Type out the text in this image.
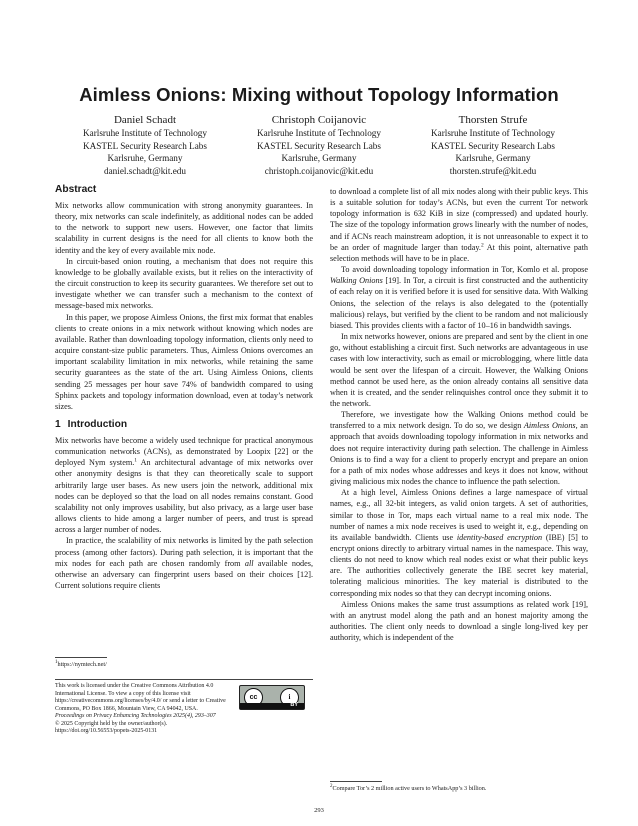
Aimless Onions: Mixing without Topology Information
Daniel Schadt
Karlsruhe Institute of Technology
KASTEL Security Research Labs
Karlsruhe, Germany
daniel.schadt@kit.edu
Christoph Coijanovic
Karlsruhe Institute of Technology
KASTEL Security Research Labs
Karlsruhe, Germany
christoph.coijanovic@kit.edu
Thorsten Strufe
Karlsruhe Institute of Technology
KASTEL Security Research Labs
Karlsruhe, Germany
thorsten.strufe@kit.edu
Abstract

Mix networks allow communication with strong anonymity guarantees. In theory, mix networks can scale indefinitely, as additional nodes can be added to the network to support new users. However, one factor that limits scalability in current designs is the need for all clients to know both the identity and the key of every available mix node.

In circuit-based onion routing, a mechanism that does not require this knowledge to be globally available exists, but it relies on the interactivity of the circuit construction to keep its security guarantees. We therefore set out to investigate whether we can transfer such a mechanism to the context of message-based mix networks.

In this paper, we propose Aimless Onions, the first mix format that enables clients to create onions in a mix network without knowing which nodes are available. Rather than downloading topology information, clients only need to acquire constant-size public parameters. Thus, Aimless Onions overcomes an important scalability limitation in mix networks, while retaining the same security guarantees as the state of the art. Using Aimless Onions, clients sending 25 messages per hour save 74% of bandwidth compared to using Sphinx packets and topology information download, even at today’s network sizes.

1 Introduction

Mix networks have become a widely used technique for practical anonymous communication networks (ACNs), as demonstrated by Loopix [22] or the deployed Nym system.$^1$ An architectural advantage of mix networks over other anonymity designs is that they can theoretically scale to support arbitrarily large user bases. As new users join the network, additional mix nodes can be deployed so that the load on all nodes remains constant. Good scalability not only improves usability, but also privacy, as a large user base allows clients to hide among a larger number of peers, and trust is spread across a larger number of nodes.

In practice, the scalability of mix networks is limited by the path selection process (among other factors). During path selection, it is important that the mix nodes for each path are chosen randomly from all available nodes, otherwise an adversary can fingerprint users based on their choices [12]. Current solutions require clients

$^1$https://nymtech.net/
This work is licensed under the Creative Commons Attribution 4.0 International License. To view a copy of this license visit https://creativecommons.org/licenses/by/4.0/ or send a letter to Creative Commons, PO Box 1866, Mountain View, CA 94042, USA.
Proceedings on Privacy Enhancing Technologies 2025(4), 293–307
© 2025 Copyright held by the owner/author(s).
https://doi.org/10.56553/popets-2025-0131
cc	i
BY

to download a complete list of all mix nodes along with their public keys. This is a suitable solution for today’s ACNs, but even the current Tor network topology information is 632 KiB in size (compressed) and updated hourly. The size of the topology information grows linearly with the number of nodes, and if ACNs reach mainstream adoption, it is not unreasonable to expect it to be an order of magnitude larger than today.$^2$ At this point, alternative path selection methods will have to be in place.

To avoid downloading topology information in Tor, Komlo et al. propose Walking Onions [19]. In Tor, a circuit is first constructed and the authenticity of each relay on it is verified before it is used for sensitive data. With Walking Onions, the selection of the relays is also delegated to the (potentially malicious) relays, but verified by the client to be random and not maliciously biased. This provides clients with a factor of 10–16 in bandwidth savings.

In mix networks however, onions are prepared and sent by the client in one go, without establishing a circuit first. Such networks are advantageous in use cases with low interactivity, such as email or microblogging, where little data would be sent over the lifespan of a circuit. However, the Walking Onions method cannot be used here, as the onion already contains all sensitive data when it is created, and the sender relinquishes control once they submit it to the network.

Therefore, we investigate how the Walking Onions method could be transferred to a mix network design. To do so, we design Aimless Onions, an approach that avoids downloading topology information in mix networks and does not require interactivity during path selection. The challenge in Aimless Onions is to find a way for a client to properly encrypt and prepare an onion for a path of mix nodes whose addresses and keys it does not know, without giving malicious mix nodes the chance to influence the path selection.

At a high level, Aimless Onions defines a large namespace of virtual names, e.g., all 32-bit integers, as valid onion targets. A set of authorities, similar to those in Tor, maps each virtual name to a real mix node. The number of names a mix node receives is used to weight it, e.g., depending on its available bandwidth. Clients use identity-based encryption (IBE) [5] to encrypt onions directly to arbitrary virtual names in the namespace. This way, clients do not need to know which real nodes exist or what their public keys are. The authorities collectively generate the IBE secret key material, tolerating malicious minorities. The key material is distributed to the corresponding mix nodes so that they can decrypt incoming onions.

Aimless Onions makes the same trust assumptions as related work [19], with an anytrust model along the path and an honest majority among the authorities. The client only needs to download a single long-lived key per authority, which is independent of the

$^2$Compare Tor’s 2 million active users to WhatsApp’s 3 billion.
293
